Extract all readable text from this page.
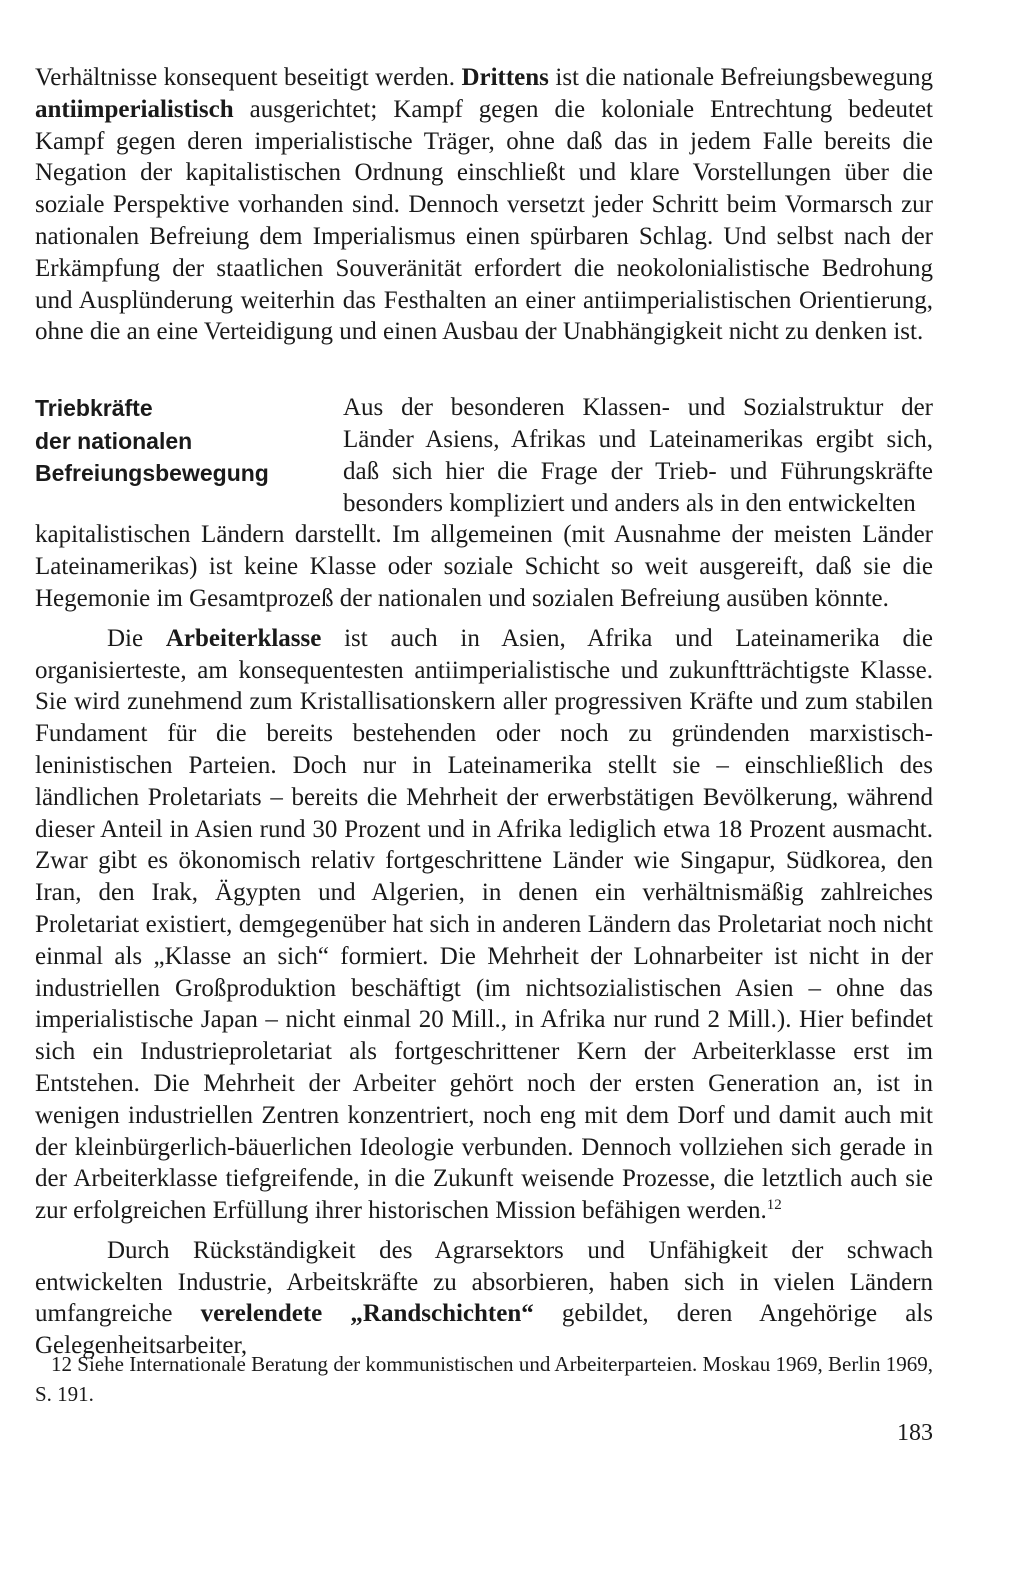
Verhältnisse konsequent beseitigt werden. Drittens ist die nationale Befreiungsbewegung antiimperialistisch ausgerichtet; Kampf gegen die koloniale Entrechtung bedeutet Kampf gegen deren imperialistische Träger, ohne daß das in jedem Falle bereits die Negation der kapitalistischen Ordnung einschließt und klare Vorstellungen über die soziale Perspektive vorhanden sind. Dennoch versetzt jeder Schritt beim Vormarsch zur nationalen Befreiung dem Imperialismus einen spürbaren Schlag. Und selbst nach der Erkämpfung der staatlichen Souveränität erfordert die neokolonialistische Bedrohung und Ausplünderung weiterhin das Festhalten an einer antiimperialistischen Orientierung, ohne die an eine Verteidigung und einen Ausbau der Unabhängigkeit nicht zu denken ist.

Triebkräfte
der nationalen
Befreiungsbewegung

Aus der besonderen Klassen- und Sozialstruktur der Länder Asiens, Afrikas und Lateinamerikas ergibt sich, daß sich hier die Frage der Trieb- und Führungskräfte besonders kompliziert und anders als in den entwickelten

kapitalistischen Ländern darstellt. Im allgemeinen (mit Ausnahme der meisten Länder Lateinamerikas) ist keine Klasse oder soziale Schicht so weit ausgereift, daß sie die Hegemonie im Gesamtprozeß der nationalen und sozialen Befreiung ausüben könnte.

Die Arbeiterklasse ist auch in Asien, Afrika und Lateinamerika die organisierteste, am konsequentesten antiimperialistische und zukunftträchtigste Klasse. Sie wird zunehmend zum Kristallisationskern aller progressiven Kräfte und zum stabilen Fundament für die bereits bestehenden oder noch zu gründenden marxistisch-leninistischen Parteien. Doch nur in Lateinamerika stellt sie – einschließlich des ländlichen Proletariats – bereits die Mehrheit der erwerbstätigen Bevölkerung, während dieser Anteil in Asien rund 30 Prozent und in Afrika lediglich etwa 18 Prozent ausmacht. Zwar gibt es ökonomisch relativ fortgeschrittene Länder wie Singapur, Südkorea, den Iran, den Irak, Ägypten und Algerien, in denen ein verhältnismäßig zahlreiches Proletariat existiert, demgegenüber hat sich in anderen Ländern das Proletariat noch nicht einmal als „Klasse an sich“ formiert. Die Mehrheit der Lohnarbeiter ist nicht in der industriellen Großproduktion beschäftigt (im nichtsozialistischen Asien – ohne das imperialistische Japan – nicht einmal 20 Mill., in Afrika nur rund 2 Mill.). Hier befindet sich ein Industrieproletariat als fortgeschrittener Kern der Arbeiterklasse erst im Entstehen. Die Mehrheit der Arbeiter gehört noch der ersten Generation an, ist in wenigen industriellen Zentren konzentriert, noch eng mit dem Dorf und damit auch mit der kleinbürgerlich-bäuerlichen Ideologie verbunden. Dennoch vollziehen sich gerade in der Arbeiterklasse tiefgreifende, in die Zukunft weisende Prozesse, die letztlich auch sie zur erfolgreichen Erfüllung ihrer historischen Mission befähigen werden.$^{12}$

Durch Rückständigkeit des Agrarsektors und Unfähigkeit der schwach entwickelten Industrie, Arbeitskräfte zu absorbieren, haben sich in vielen Ländern umfangreiche verelendete „Randschichten“ gebildet, deren Angehörige als Gelegenheitsarbeiter,

12 Siehe Internationale Beratung der kommunistischen und Arbeiterparteien. Moskau 1969, Berlin 1969, S. 191.
183
